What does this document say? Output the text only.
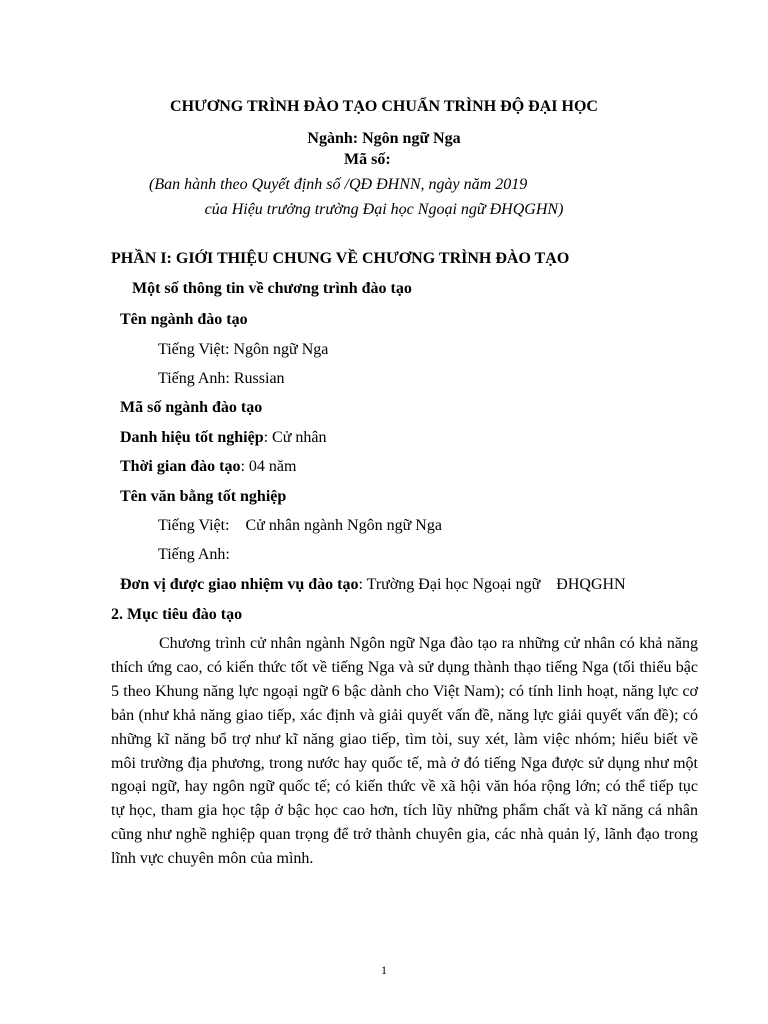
CHƯƠNG TRÌNH ĐÀO TẠO CHUẨN TRÌNH ĐỘ ĐẠI HỌC
Ngành: Ngôn ngữ Nga
Mã số:
(Ban hành theo Quyết định số /QĐ ĐHNN, ngày năm 2019
của Hiệu trưởng trường Đại học Ngoại ngữ ĐHQGHN)
PHẦN I: GIỚI THIỆU CHUNG VỀ CHƯƠNG TRÌNH ĐÀO TẠO
Một số thông tin về chương trình đào tạo
Tên ngành đào tạo
Tiếng Việt: Ngôn ngữ Nga
Tiếng Anh: Russian
Mã số ngành đào tạo
Danh hiệu tốt nghiệp: Cử nhân
Thời gian đào tạo: 04 năm
Tên văn bằng tốt nghiệp
Tiếng Việt:    Cử nhân ngành Ngôn ngữ Nga
Tiếng Anh:
Đơn vị được giao nhiệm vụ đào tạo: Trường Đại học Ngoại ngữ    ĐHQGHN
2. Mục tiêu đào tạo
Chương trình cử nhân ngành Ngôn ngữ Nga đào tạo ra những cử nhân có khả năng thích ứng cao, có kiến thức tốt về tiếng Nga và sử dụng thành thạo tiếng Nga (tối thiểu bậc 5 theo Khung năng lực ngoại ngữ 6 bậc dành cho Việt Nam); có tính linh hoạt, năng lực cơ bản (như khả năng giao tiếp, xác định và giải quyết vấn đề, năng lực giải quyết vấn đề); có những kĩ năng bổ trợ như kĩ năng giao tiếp, tìm tòi, suy xét, làm việc nhóm; hiểu biết về môi trường địa phương, trong nước hay quốc tế, mà ở đó tiếng Nga được sử dụng như một ngoại ngữ, hay ngôn ngữ quốc tế; có kiến thức về xã hội văn hóa rộng lớn; có thể tiếp tục tự học, tham gia học tập ở bậc học cao hơn, tích lũy những phẩm chất và kĩ năng cá nhân cũng như nghề nghiệp quan trọng để trở thành chuyên gia, các nhà quản lý, lãnh đạo trong lĩnh vực chuyên môn của mình.
1
